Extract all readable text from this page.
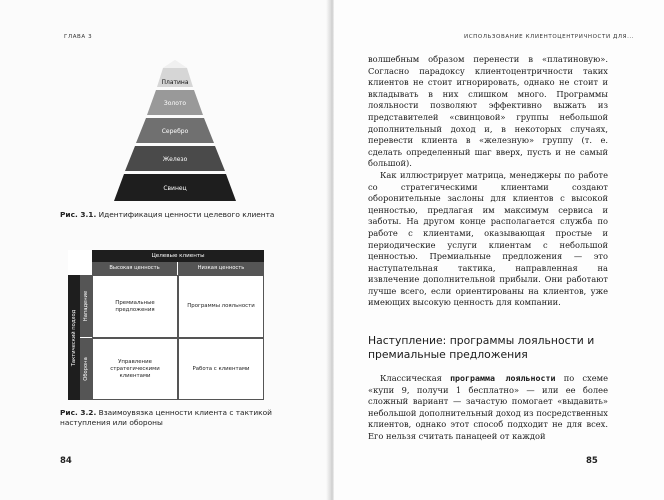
ГЛАВА 3
Платина
Золото
Серебро
Железо
Свинец
Рис. 3.1. Идентификация ценности целевого клиента
Целевые клиенты
Высокая ценность	Низкая ценность
Тактический подход
Нападение
Оборона
Премиальные предложения
Программы лояльности
Управление стратегическими клиентами
Работа с клиентами
Рис. 3.2. Взаимоувязка ценности клиента с тактикой наступления или обороны
84
ИСПОЛЬЗОВАНИЕ КЛИЕНТОЦЕНТРИЧНОСТИ ДЛЯ...

волшебным образом перенести в «платиновую». Согласно парадоксу клиентоцентричности таких клиентов не стоит игнорировать, однако не стоит и вкладывать в них слишком много. Программы лояльности позволяют эффективно выжать из представителей «свинцовой» группы небольшой дополнительный доход и, в некоторых случаях, перевести клиента в «железную» группу (т. е. сделать определенный шаг вверх, пусть и не самый большой).

Как иллюстрирует матрица, менеджеры по работе со стратегическими клиентами создают оборонительные заслоны для клиентов с высокой ценностью, предлагая им максимум сервиса и заботы. На другом конце располагается служба по работе с клиентами, оказывающая простые и периодические услуги клиентам с небольшой ценностью. Премиальные предложения — это наступательная тактика, направленная на извлечение дополнительной прибыли. Они работают лучше всего, если ориентированы на клиентов, уже имеющих высокую ценность для компании.

Наступление: программы лояльности и премиальные предложения

Классическая программа лояльности по схеме «купи 9, получи 1 бесплатно» — или ее более сложный вариант — зачастую помогает «выдавить» небольшой дополнительный доход из посредственных клиентов, однако этот способ подходит не для всех. Его нельзя считать панацеей от каждой

85
